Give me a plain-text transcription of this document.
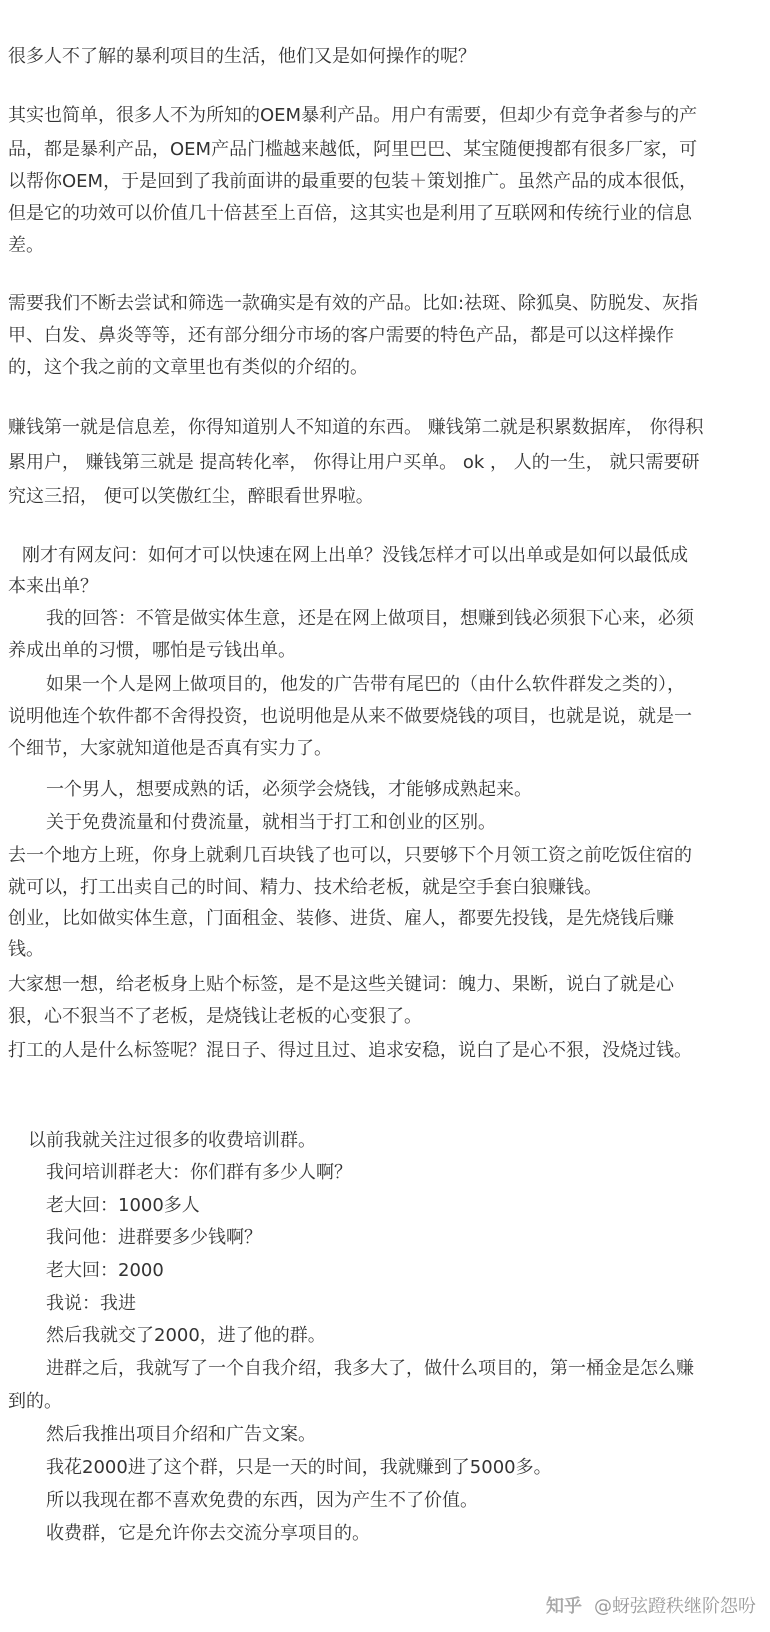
很多人不了解的暴利项目的生活，他们又是如何操作的呢？
其实也简单，很多人不为所知的OEM暴利产品。用户有需要，但却少有竞争者参与的产
品，都是暴利产品，OEM产品门槛越来越低，阿里巴巴、某宝随便搜都有很多厂家，可
以帮你OEM，于是回到了我前面讲的最重要的包装＋策划推广。虽然产品的成本很低，
但是它的功效可以价值几十倍甚至上百倍，这其实也是利用了互联网和传统行业的信息
差。
需要我们不断去尝试和筛选一款确实是有效的产品。比如:祛斑、除狐臭、防脱发、灰指
甲、白发、鼻炎等等，还有部分细分市场的客户需要的特色产品，都是可以这样操作
的，这个我之前的文章里也有类似的介绍的。
赚钱第一就是信息差，你得知道别人不知道的东西。 赚钱第二就是积累数据库， 你得积
累用户， 赚钱第三就是 提高转化率， 你得让用户买单。 ok ， 人的一生， 就只需要研
究这三招， 便可以笑傲红尘，醉眼看世界啦。
刚才有网友问：如何才可以快速在网上出单？没钱怎样才可以出单或是如何以最低成
本来出单？
我的回答：不管是做实体生意，还是在网上做项目，想赚到钱必须狠下心来，必须
养成出单的习惯，哪怕是亏钱出单。
如果一个人是网上做项目的，他发的广告带有尾巴的（由什么软件群发之类的），
说明他连个软件都不舍得投资，也说明他是从来不做要烧钱的项目，也就是说，就是一
个细节，大家就知道他是否真有实力了。
一个男人，想要成熟的话，必须学会烧钱，才能够成熟起来。
关于免费流量和付费流量，就相当于打工和创业的区别。
去一个地方上班，你身上就剩几百块钱了也可以，只要够下个月领工资之前吃饭住宿的
就可以，打工出卖自己的时间、精力、技术给老板，就是空手套白狼赚钱。
创业，比如做实体生意，门面租金、装修、进货、雇人，都要先投钱，是先烧钱后赚
钱。
大家想一想，给老板身上贴个标签，是不是这些关键词：魄力、果断，说白了就是心
狠，心不狠当不了老板，是烧钱让老板的心变狠了。
打工的人是什么标签呢？混日子、得过且过、追求安稳，说白了是心不狠，没烧过钱。
以前我就关注过很多的收费培训群。
我问培训群老大：你们群有多少人啊？
老大回：1000多人
我问他：进群要多少钱啊？
老大回：2000
我说：我进
然后我就交了2000，进了他的群。
进群之后，我就写了一个自我介绍，我多大了，做什么项目的，第一桶金是怎么赚
到的。
然后我推出项目介绍和广告文案。
我花2000进了这个群，只是一天的时间，我就赚到了5000多。
所以我现在都不喜欢免费的东西，因为产生不了价值。
收费群，它是允许你去交流分享项目的。
知乎 @蚜弦蹬秩继阶怨吩
